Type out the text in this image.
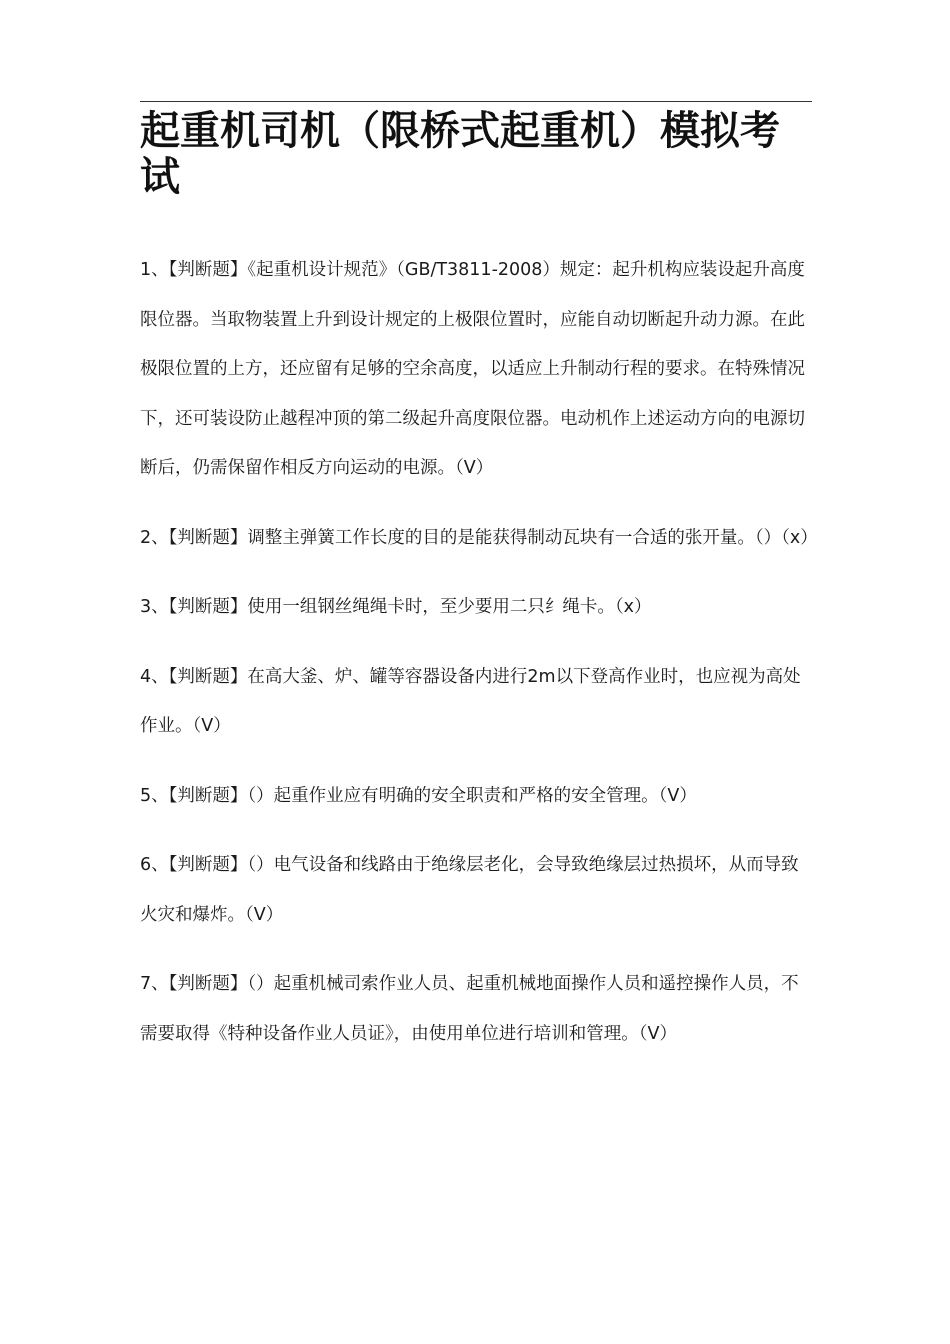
起重机司机（限桥式起重机）模拟考试
1、【判断题】《起重机设计规范》（GB/T3811-2008）规定：起升机构应装设起升高度限位器。当取物装置上升到设计规定的上极限位置时，应能自动切断起升动力源。在此极限位置的上方，还应留有足够的空余高度，以适应上升制动行程的要求。在特殊情况下，还可装设防止越程冲顶的第二级起升高度限位器。电动机作上述运动方向的电源切断后，仍需保留作相反方向运动的电源。（V）
2、【判断题】调整主弹簧工作长度的目的是能获得制动瓦块有一合适的张开量。（）（x）
3、【判断题】使用一组钢丝绳绳卡时，至少要用二只纟绳卡。（x）
4、【判断题】在高大釜、炉、罐等容器设备内进行2m以下登高作业时，也应视为高处作业。（V）
5、【判断题】（）起重作业应有明确的安全职责和严格的安全管理。（V）
6、【判断题】（）电气设备和线路由于绝缘层老化，会导致绝缘层过热损坏，从而导致火灾和爆炸。（V）
7、【判断题】（）起重机械司索作业人员、起重机械地面操作人员和遥控操作人员，不需要取得《特种设备作业人员证》，由使用单位进行培训和管理。（V）
